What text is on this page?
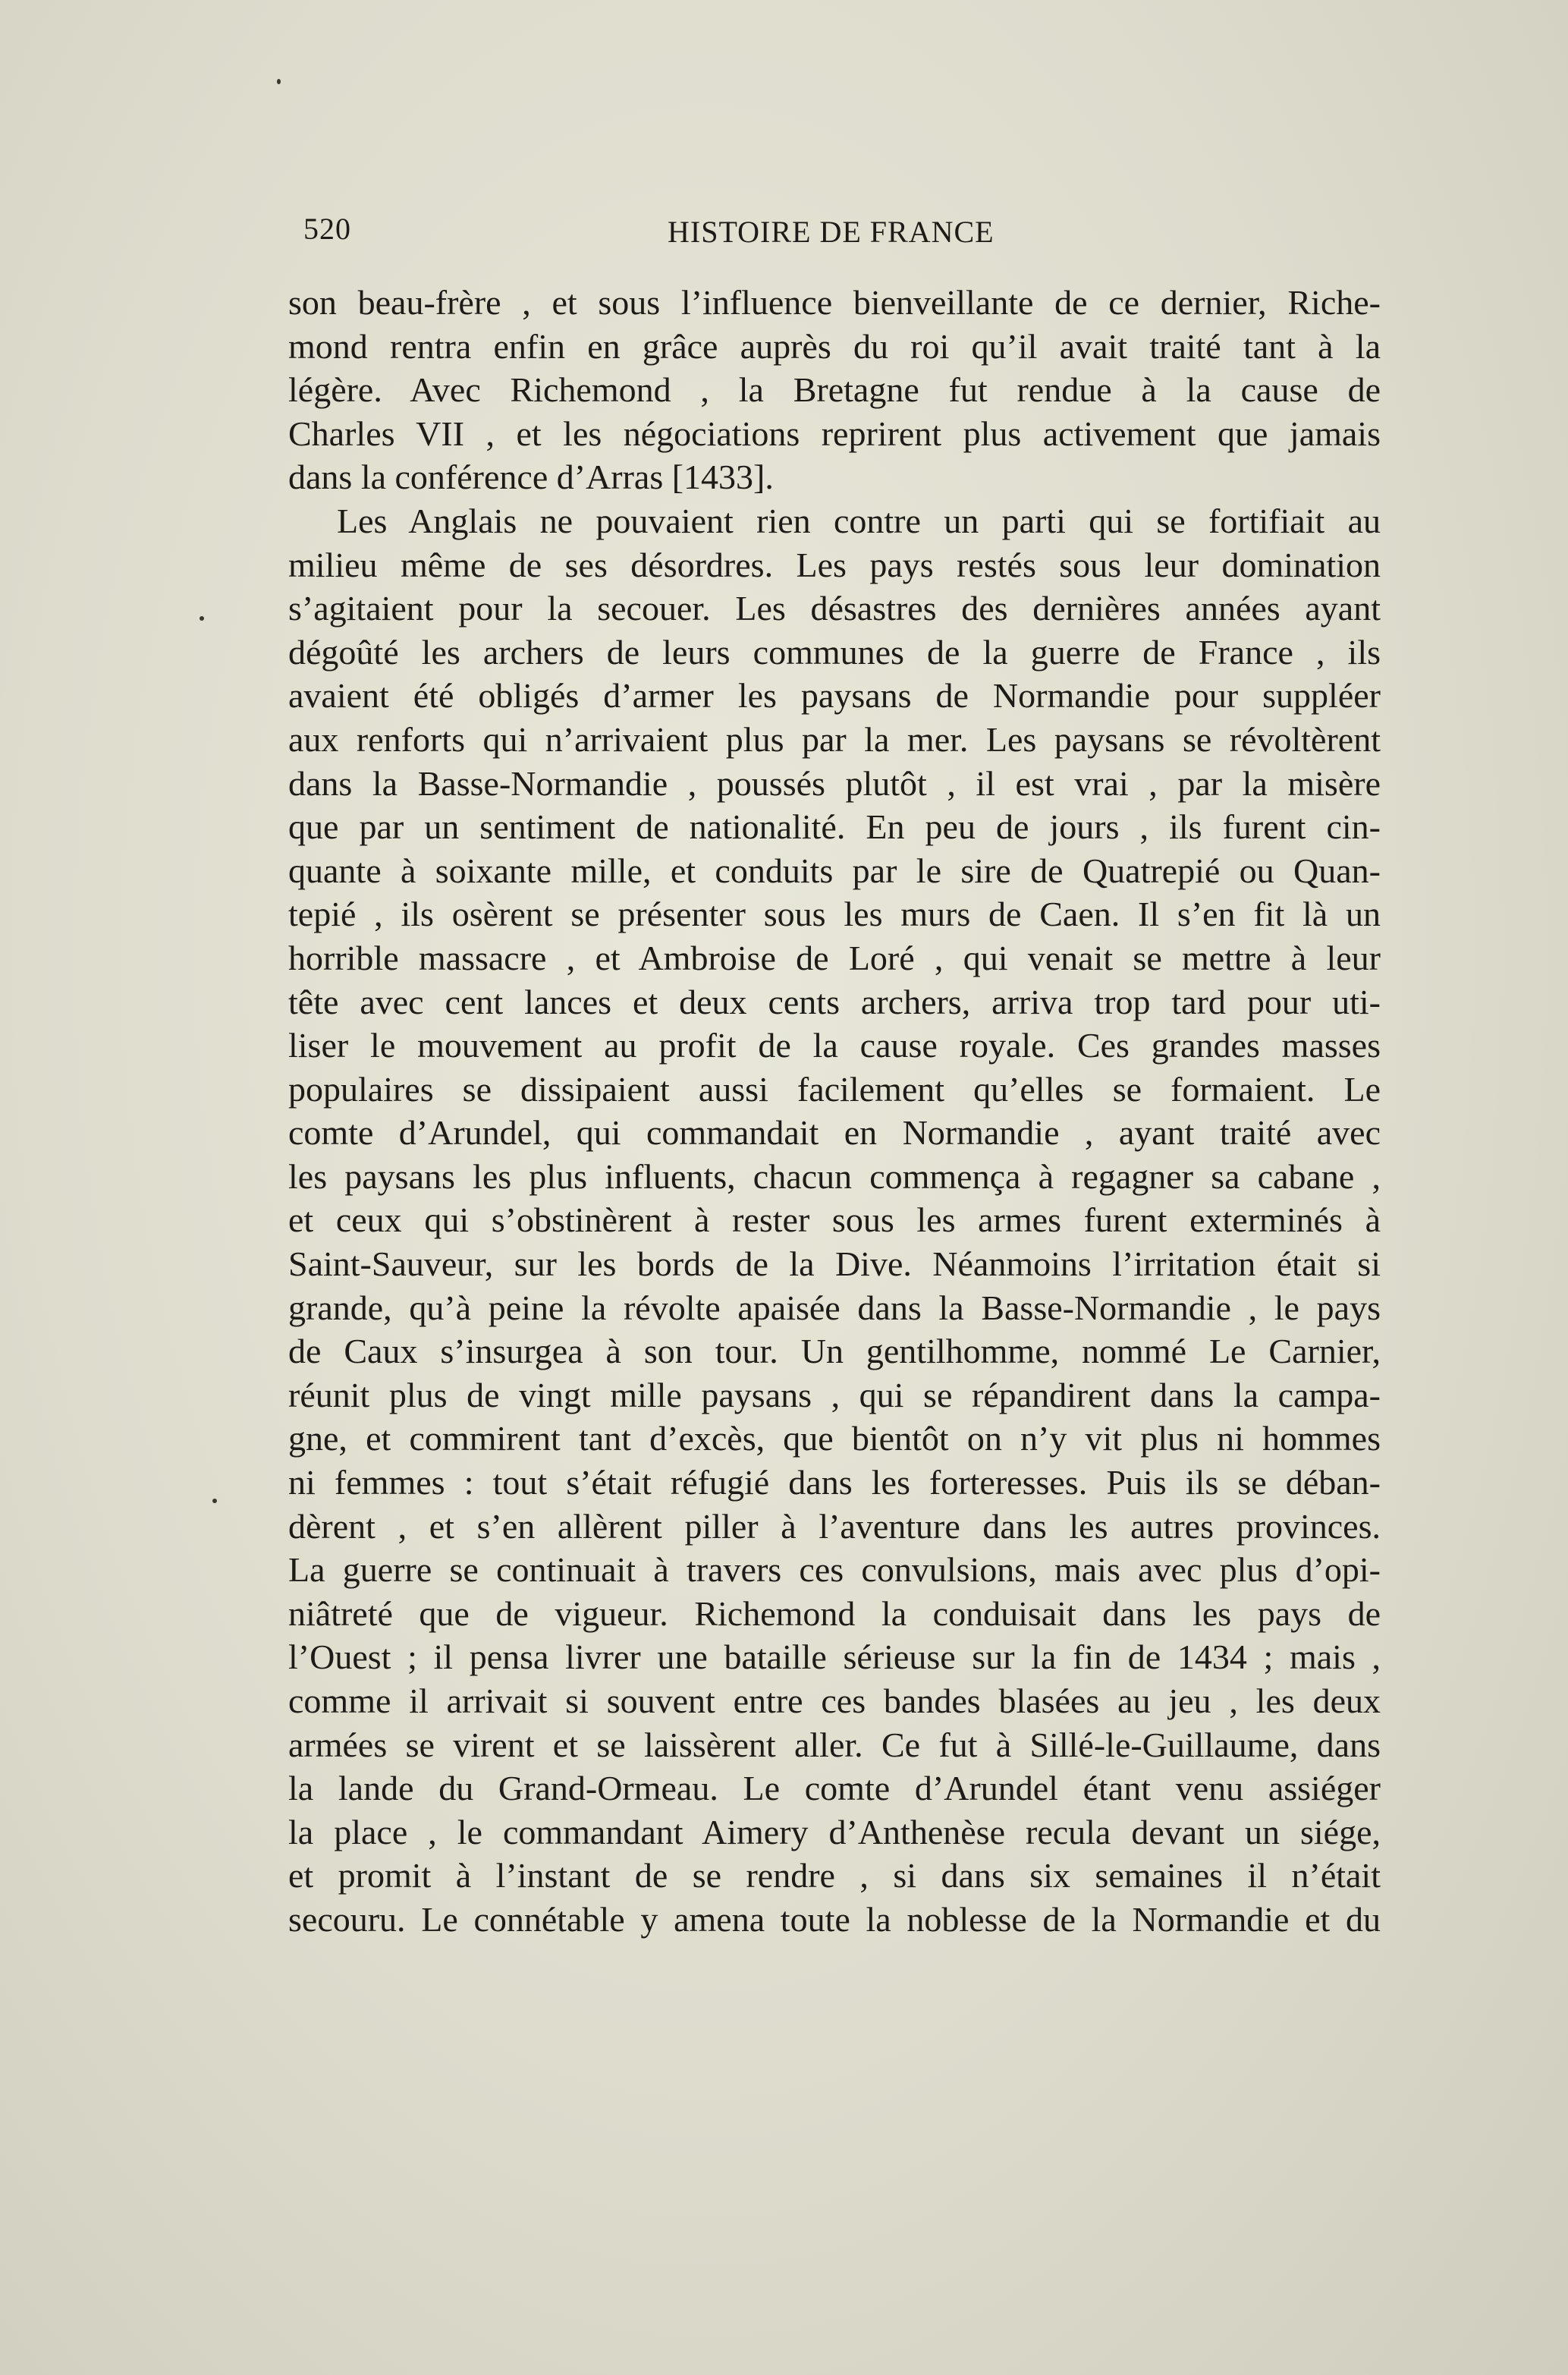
520	HISTOIRE DE FRANCE
son beau-frère , et sous l’influence bienveillante de ce dernier, Riche-
mond rentra enfin en grâce auprès du roi qu’il avait traité tant à la
légère. Avec Richemond , la Bretagne fut rendue à la cause de
Charles VII , et les négociations reprirent plus activement que jamais
dans la conférence d’Arras [1433].
Les Anglais ne pouvaient rien contre un parti qui se fortifiait au
milieu même de ses désordres. Les pays restés sous leur domination
s’agitaient pour la secouer. Les désastres des dernières années ayant
dégoûté les archers de leurs communes de la guerre de France , ils
avaient été obligés d’armer les paysans de Normandie pour suppléer
aux renforts qui n’arrivaient plus par la mer. Les paysans se révoltèrent
dans la Basse-Normandie , poussés plutôt , il est vrai , par la misère
que par un sentiment de nationalité. En peu de jours , ils furent cin-
quante à soixante mille, et conduits par le sire de Quatrepié ou Quan-
tepié , ils osèrent se présenter sous les murs de Caen. Il s’en fit là un
horrible massacre , et Ambroise de Loré , qui venait se mettre à leur
tête avec cent lances et deux cents archers, arriva trop tard pour uti-
liser le mouvement au profit de la cause royale. Ces grandes masses
populaires se dissipaient aussi facilement qu’elles se formaient. Le
comte d’Arundel, qui commandait en Normandie , ayant traité avec
les paysans les plus influents, chacun commença à regagner sa cabane ,
et ceux qui s’obstinèrent à rester sous les armes furent exterminés à
Saint-Sauveur, sur les bords de la Dive. Néanmoins l’irritation était si
grande, qu’à peine la révolte apaisée dans la Basse-Normandie , le pays
de Caux s’insurgea à son tour. Un gentilhomme, nommé Le Carnier,
réunit plus de vingt mille paysans , qui se répandirent dans la campa-
gne, et commirent tant d’excès, que bientôt on n’y vit plus ni hommes
ni femmes : tout s’était réfugié dans les forteresses. Puis ils se déban-
dèrent , et s’en allèrent piller à l’aventure dans les autres provinces.
La guerre se continuait à travers ces convulsions, mais avec plus d’opi-
niâtreté que de vigueur. Richemond la conduisait dans les pays de
l’Ouest ; il pensa livrer une bataille sérieuse sur la fin de 1434 ; mais ,
comme il arrivait si souvent entre ces bandes blasées au jeu , les deux
armées se virent et se laissèrent aller. Ce fut à Sillé-le-Guillaume, dans
la lande du Grand-Ormeau. Le comte d’Arundel étant venu assiéger
la place , le commandant Aimery d’Anthenèse recula devant un siége,
et promit à l’instant de se rendre , si dans six semaines il n’était
secouru. Le connétable y amena toute la noblesse de la Normandie et du
